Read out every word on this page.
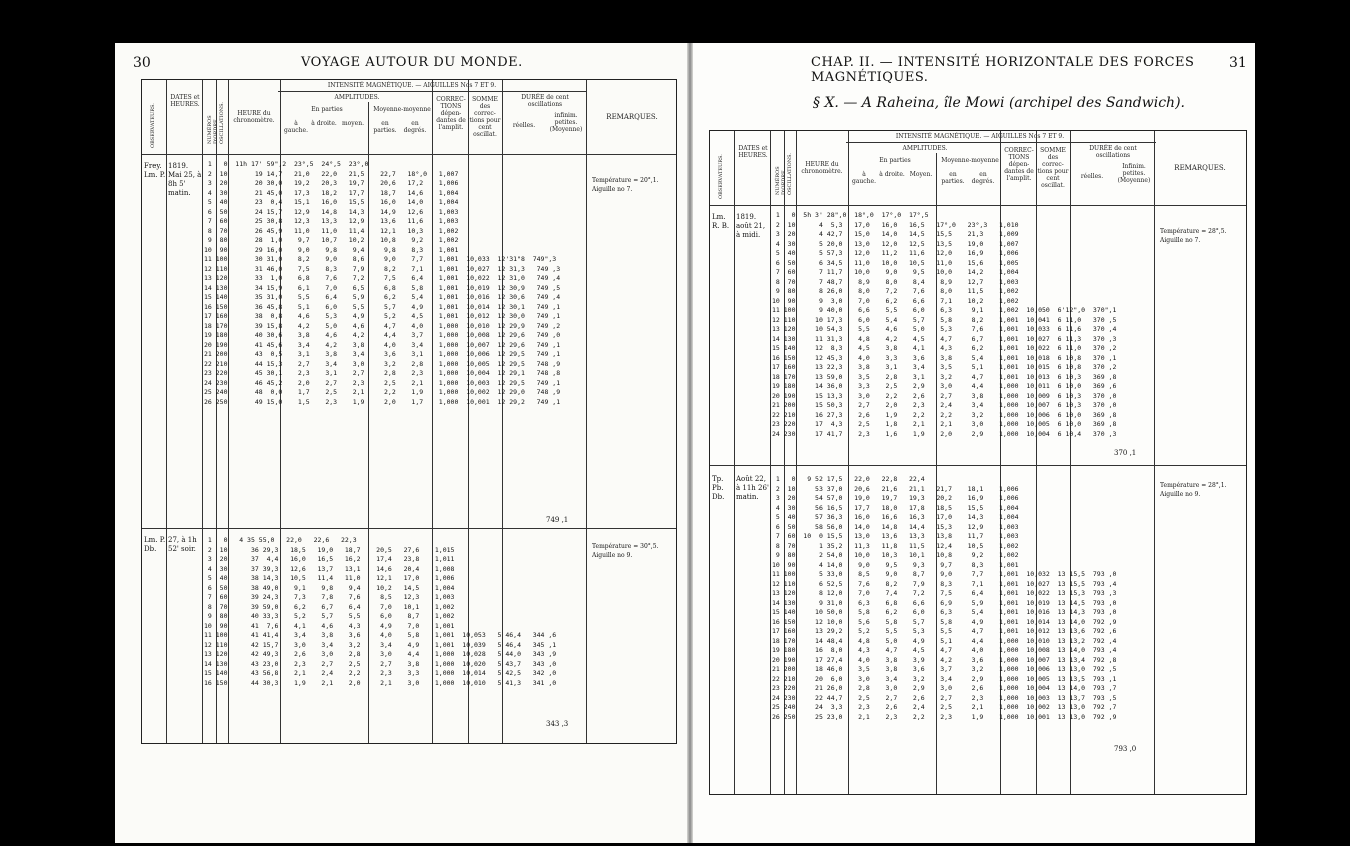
30	VOYAGE AUTOUR DU MONDE.
INTENSITÉ MAGNÉTIQUE. — AIGUILLES Nos 7 ET 9.
OBSERVATEURS.
DATES et HEURES.
NUMÉROS D'ORDRE. OSCILLATIONS.	HEURE du chronomètre.
AMPLITUDES.
En parties	Moyenne-moyenne
à gauche.
à droite. moyen.	en parties.
en degrés.
CORREC-TIONS dépen-dantes de l'amplit.
SOMME des correc-tions pour cent oscillat.
DURÉE de cent oscillations
réelles.
infinim. petites. (Moyenne)
REMARQUES.
Frey. Lm. P.
1819. Mai 25, à 8h 5' matin.
Température = 20°,1. Aiguille no 7.
1   0  11h 17' 59",2  23°,5  24°,5  23°,0
2  10       19 14,7   21,0   22,0   21,5    22,7   18°,0   1,007
3  20       20 30,0   19,2   20,3   19,7    20,6   17,2    1,006
4  30       21 45,0   17,3   18,2   17,7    18,7   14,6    1,004
5  40       23  0,4   15,1   16,0   15,5    16,0   14,0    1,004
6  50       24 15,7   12,9   14,8   14,3    14,9   12,6    1,003
7  60       25 30,8   12,3   13,3   12,9    13,6   11,6    1,003
8  70       26 45,9   11,0   11,0   11,4    12,1   10,3    1,002
9  80       28  1,0    9,7   10,7   10,2    10,8    9,2    1,002
10  90       29 16,0    9,0    9,8    9,4     9,8    8,3    1,001
11 100       30 31,0    8,2    9,0    8,6     9,0    7,7    1,001  10,033  12'31"8  749",3
12 110       31 46,0    7,5    8,3    7,9     8,2    7,1    1,001  10,027  12 31,3   749 ,3
13 120       33  1,0    6,8    7,6    7,2     7,5    6,4    1,001  10,022  12 31,0   749 ,4
14 130       34 15,9    6,1    7,0    6,5     6,8    5,8    1,001  10,019  12 30,9   749 ,5
15 140       35 31,0    5,5    6,4    5,9     6,2    5,4    1,001  10,016  12 30,6   749 ,4
16 150       36 45,8    5,1    6,0    5,5     5,7    4,9    1,001  10,014  12 30,1   749 ,1
17 160       38  0,8    4,6    5,3    4,9     5,2    4,5    1,001  10,012  12 30,0   749 ,1
18 170       39 15,8    4,2    5,0    4,6     4,7    4,0    1,000  10,010  12 29,9   749 ,2
19 180       40 30,6    3,8    4,6    4,2     4,4    3,7    1,000  10,008  12 29,6   749 ,0
20 190       41 45,6    3,4    4,2    3,8     4,0    3,4    1,000  10,007  12 29,6   749 ,1
21 200       43  0,5    3,1    3,8    3,4     3,6    3,1    1,000  10,006  12 29,5   749 ,1
22 210       44 15,3    2,7    3,4    3,0     3,2    2,8    1,000  10,005  12 29,5   748 ,9
23 220       45 30,1    2,3    3,1    2,7     2,8    2,3    1,000  10,004  12 29,1   748 ,8
24 230       46 45,2    2,0    2,7    2,3     2,5    2,1    1,000  10,003  12 29,5   749 ,1
25 240       48  0,0    1,7    2,5    2,1     2,2    1,9    1,000  10,002  12 29,0   748 ,9
26 250       49 15,0    1,5    2,3    1,9     2,0    1,7    1,000  10,001  12 29,2   749 ,1
749 ,1
Lm. P. Db.
27, à 1h 52' soir.	Température = 30°,5. Aiguille no 9.
1   0   4 35 55,0   22,0   22,6   22,3
2  10      36 29,3   18,5   19,0   18,7    20,5   27,6    1,015
3  20      37  4,4   16,0   16,5   16,2    17,4   23,8    1,011
4  30      37 39,3   12,6   13,7   13,1    14,6   20,4    1,008
5  40      38 14,3   10,5   11,4   11,0    12,1   17,0    1,006
6  50      38 49,0    9,1    9,8    9,4    10,2   14,5    1,004
7  60      39 24,3    7,3    7,8    7,6     8,5   12,3    1,003
8  70      39 59,0    6,2    6,7    6,4     7,0   10,1    1,002
9  80      40 33,3    5,2    5,7    5,5     6,0    8,7    1,002
10  90      41  7,6    4,1    4,6    4,3     4,9    7,0    1,001
11 100      41 41,4    3,4    3,8    3,6     4,0    5,8    1,001  10,053   5 46,4   344 ,6
12 110      42 15,7    3,0    3,4    3,2     3,4    4,9    1,001  10,039   5 46,4   345 ,1
13 120      42 49,3    2,6    3,0    2,8     3,0    4,4    1,000  10,028   5 44,0   343 ,9
14 130      43 23,0    2,3    2,7    2,5     2,7    3,8    1,000  10,020   5 43,7   343 ,0
15 140      43 56,8    2,1    2,4    2,2     2,3    3,3    1,000  10,014   5 42,5   342 ,0
16 150      44 30,3    1,9    2,1    2,0     2,1    3,0    1,000  10,010   5 41,3   341 ,0
343 ,3
CHAP. II. — INTENSITÉ HORIZONTALE DES FORCES MAGNÉTIQUES.
31
§ X. — A Raheina, île Mowi (archipel des Sandwich).
INTENSITÉ MAGNÉTIQUE. — AIGUILLES Nos 7 ET 9.
OBSERVATEURS.
DATES et HEURES.
NUMÉROS D'ORDRE. OSCILLATIONS.	HEURE du chronomètre.
AMPLITUDES.
En parties	Moyenne-moyenne
à gauche.
à droite. Moyen.	en parties.
en degrés.
CORREC-TIONS dépen-dantes de l'amplit.
SOMME des correc-tions pour cent oscillat.
DURÉE de cent oscillations
réelles.
Infinim. petites. (Moyenne)
REMARQUES.
Lm. R. B.
1819. août 21, à midi.	Température = 28°,5. Aiguille no 7.
1   0  5h 3' 28",0  18°,0  17°,0  17°,5
2  10      4  5,3   17,0   16,0   16,5   17°,0   23°,3   1,010
3  20      4 42,7   15,0   14,0   14,5   15,5    21,3    1,009
4  30      5 20,0   13,0   12,0   12,5   13,5    19,0    1,007
5  40      5 57,3   12,0   11,2   11,6   12,0    16,9    1,006
6  50      6 34,5   11,0   10,0   10,5   11,0    15,6    1,005
7  60      7 11,7   10,0    9,0    9,5   10,0    14,2    1,004
8  70      7 48,7    8,9    8,0    8,4    8,9    12,7    1,003
9  80      8 26,0    8,0    7,2    7,6    8,0    11,5    1,002
10  90      9  3,0    7,0    6,2    6,6    7,1    10,2    1,002
11 100      9 40,0    6,6    5,5    6,0    6,3     9,1    1,002  10,050  6'12",0  370",1
12 110     10 17,3    6,0    5,4    5,7    5,8     8,2    1,001  10,041  6 11,0   370 ,5
13 120     10 54,3    5,5    4,6    5,0    5,3     7,6    1,001  10,033  6 11,6   370 ,4
14 130     11 31,3    4,8    4,2    4,5    4,7     6,7    1,001  10,027  6 11,3   370 ,3
15 140     12  8,3    4,5    3,8    4,1    4,3     6,2    1,001  10,022  6 11,0   370 ,2
16 150     12 45,3    4,0    3,3    3,6    3,8     5,4    1,001  10,018  6 10,8   370 ,1
17 160     13 22,3    3,8    3,1    3,4    3,5     5,1    1,001  10,015  6 10,8   370 ,2
18 170     13 59,0    3,5    2,8    3,1    3,2     4,7    1,001  10,013  6 10,3   369 ,8
19 180     14 36,0    3,3    2,5    2,9    3,0     4,4    1,000  10,011  6 10,0   369 ,6
20 190     15 13,3    3,0    2,2    2,6    2,7     3,8    1,000  10,009  6 10,3   370 ,0
21 200     15 50,3    2,7    2,0    2,3    2,4     3,4    1,000  10,007  6 10,3   370 ,0
22 210     16 27,3    2,6    1,9    2,2    2,2     3,2    1,000  10,006  6 10,0   369 ,8
23 220     17  4,3    2,5    1,8    2,1    2,1     3,0    1,000  10,005  6 10,0   369 ,8
24 230     17 41,7    2,3    1,6    1,9    2,0     2,9    1,000  10,004  6 10,4   370 ,3
370 ,1
Tp. Pb. Db.
Août 22, à 11h 26' matin.
Température = 28°,1. Aiguille no 9.
1   0   9 52 17,5   22,0   22,8   22,4
2  10     53 37,0   20,6   21,6   21,1   21,7    18,1    1,006
3  20     54 57,0   19,0   19,7   19,3   20,2    16,9    1,006
4  30     56 16,5   17,7   18,0   17,8   18,5    15,5    1,004
5  40     57 36,3   16,0   16,6   16,3   17,0    14,3    1,004
6  50     58 56,0   14,0   14,8   14,4   15,3    12,9    1,003
7  60  10  0 15,5   13,0   13,6   13,3   13,8    11,7    1,003
8  70      1 35,2   11,3   11,8   11,5   12,4    10,5    1,002
9  80      2 54,0   10,0   10,3   10,1   10,8     9,2    1,002
10  90      4 14,0    9,0    9,5    9,3    9,7     8,3    1,001
11 100      5 33,0    8,5    9,0    8,7    9,0     7,7    1,001  10,032  13 15,5  793 ,0
12 110      6 52,5    7,6    8,2    7,9    8,3     7,1    1,001  10,027  13 15,5  793 ,4
13 120      8 12,0    7,0    7,4    7,2    7,5     6,4    1,001  10,022  13 15,3  793 ,3
14 130      9 31,0    6,3    6,8    6,6    6,9     5,9    1,001  10,019  13 14,5  793 ,0
15 140     10 50,0    5,8    6,2    6,0    6,3     5,4    1,001  10,016  13 14,3  793 ,0
16 150     12 10,0    5,6    5,8    5,7    5,8     4,9    1,001  10,014  13 14,0  792 ,9
17 160     13 29,2    5,2    5,5    5,3    5,5     4,7    1,001  10,012  13 13,6  792 ,6
18 170     14 48,4    4,8    5,0    4,9    5,1     4,4    1,000  10,010  13 13,2  792 ,4
19 180     16  8,0    4,3    4,7    4,5    4,7     4,0    1,000  10,008  13 14,0  793 ,4
20 190     17 27,4    4,0    3,8    3,9    4,2     3,6    1,000  10,007  13 13,4  792 ,8
21 200     18 46,0    3,5    3,8    3,6    3,7     3,2    1,000  10,006  13 13,0  792 ,5
22 210     20  6,0    3,0    3,4    3,2    3,4     2,9    1,000  10,005  13 13,5  793 ,1
23 220     21 26,0    2,8    3,0    2,9    3,0     2,6    1,000  10,004  13 14,0  793 ,7
24 230     22 44,7    2,5    2,7    2,6    2,7     2,3    1,000  10,003  13 13,7  793 ,5
25 240     24  3,3    2,3    2,6    2,4    2,5     2,1    1,000  10,002  13 13,0  792 ,7
26 250     25 23,0    2,1    2,3    2,2    2,3     1,9    1,000  10,001  13 13,0  792 ,9
793 ,0
